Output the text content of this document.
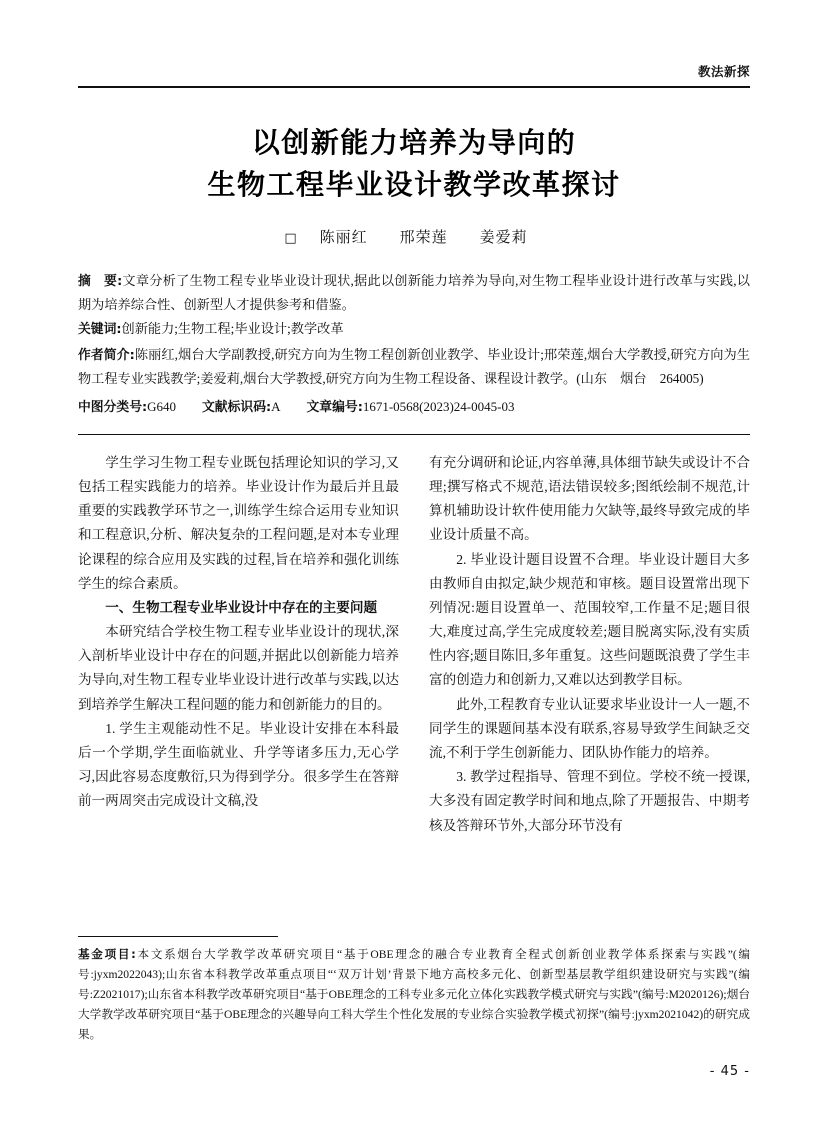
教法新探
以创新能力培养为导向的
生物工程毕业设计教学改革探讨
□ 陈丽红 邢荣莲 姜爱莉

摘　要:文章分析了生物工程专业毕业设计现状,据此以创新能力培养为导向,对生物工程毕业设计进行改革与实践,以期为培养综合性、创新型人才提供参考和借鉴。

关键词:创新能力;生物工程;毕业设计;教学改革

作者简介:陈丽红,烟台大学副教授,研究方向为生物工程创新创业教学、毕业设计;邢荣莲,烟台大学教授,研究方向为生物工程专业实践教学;姜爱莉,烟台大学教授,研究方向为生物工程设备、课程设计教学。(山东　烟台　264005)

中图分类号:G640 文献标识码:A 文章编号:1671-0568(2023)24-0045-03

学生学习生物工程专业既包括理论知识的学习,又包括工程实践能力的培养。毕业设计作为最后并且最重要的实践教学环节之一,训练学生综合运用专业知识和工程意识,分析、解决复杂的工程问题,是对本专业理论课程的综合应用及实践的过程,旨在培养和强化训练学生的综合素质。

一、生物工程专业毕业设计中存在的主要问题

本研究结合学校生物工程专业毕业设计的现状,深入剖析毕业设计中存在的问题,并据此以创新能力培养为导向,对生物工程专业毕业设计进行改革与实践,以达到培养学生解决工程问题的能力和创新能力的目的。

1. 学生主观能动性不足。毕业设计安排在本科最后一个学期,学生面临就业、升学等诸多压力,无心学习,因此容易态度敷衍,只为得到学分。很多学生在答辩前一两周突击完成设计文稿,没

有充分调研和论证,内容单薄,具体细节缺失或设计不合理;撰写格式不规范,语法错误较多;图纸绘制不规范,计算机辅助设计软件使用能力欠缺等,最终导致完成的毕业设计质量不高。

2. 毕业设计题目设置不合理。毕业设计题目大多由教师自由拟定,缺少规范和审核。题目设置常出现下列情况:题目设置单一、范围较窄,工作量不足;题目很大,难度过高,学生完成度较差;题目脱离实际,没有实质性内容;题目陈旧,多年重复。这些问题既浪费了学生丰富的创造力和创新力,又难以达到教学目标。

此外,工程教育专业认证要求毕业设计一人一题,不同学生的课题间基本没有联系,容易导致学生间缺乏交流,不利于学生创新能力、团队协作能力的培养。

3. 教学过程指导、管理不到位。学校不统一授课,大多没有固定教学时间和地点,除了开题报告、中期考核及答辩环节外,大部分环节没有

基金项目:本文系烟台大学教学改革研究项目“基于OBE理念的融合专业教育全程式创新创业教学体系探索与实践”(编号:jyxm2022043);山东省本科教学改革重点项目“‘双万计划’背景下地方高校多元化、创新型基层教学组织建设研究与实践”(编号:Z2021017);山东省本科教学改革研究项目“基于OBE理念的工科专业多元化立体化实践教学模式研究与实践”(编号:M2020126);烟台大学教学改革研究项目“基于OBE理念的兴趣导向工科大学生个性化发展的专业综合实验教学模式初探”(编号:jyxm2021042)的研究成果。
- 45 -
